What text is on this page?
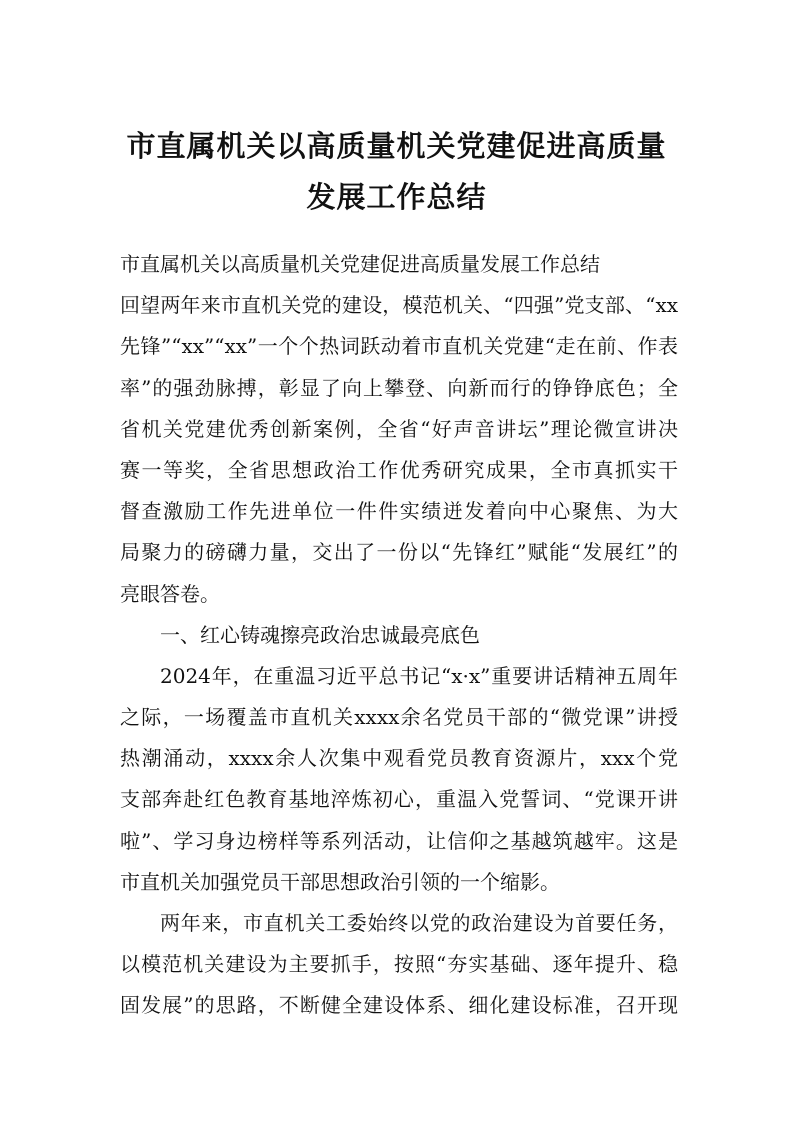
市直属机关以高质量机关党建促进高质量
发展工作总结
市直属机关以高质量机关党建促进高质量发展工作总结
回望两年来市直机关党的建设，模范机关、“四强”党支部、“xx
先锋”“xx”“xx”一个个热词跃动着市直机关党建“走在前、作表
率”的强劲脉搏，彰显了向上攀登、向新而行的铮铮底色；全
省机关党建优秀创新案例，全省“好声音讲坛”理论微宣讲决
赛一等奖，全省思想政治工作优秀研究成果，全市真抓实干
督查激励工作先进单位一件件实绩迸发着向中心聚焦、为大
局聚力的磅礴力量，交出了一份以“先锋红”赋能“发展红”的
亮眼答卷。
一、红心铸魂擦亮政治忠诚最亮底色
2024年，在重温习近平总书记“x·x”重要讲话精神五周年
之际，一场覆盖市直机关xxxx余名党员干部的“微党课”讲授
热潮涌动，xxxx余人次集中观看党员教育资源片，xxx个党
支部奔赴红色教育基地淬炼初心，重温入党誓词、“党课开讲
啦”、学习身边榜样等系列活动，让信仰之基越筑越牢。这是
市直机关加强党员干部思想政治引领的一个缩影。
两年来，市直机关工委始终以党的政治建设为首要任务，
以模范机关建设为主要抓手，按照“夯实基础、逐年提升、稳
固发展”的思路，不断健全建设体系、细化建设标准，召开现
